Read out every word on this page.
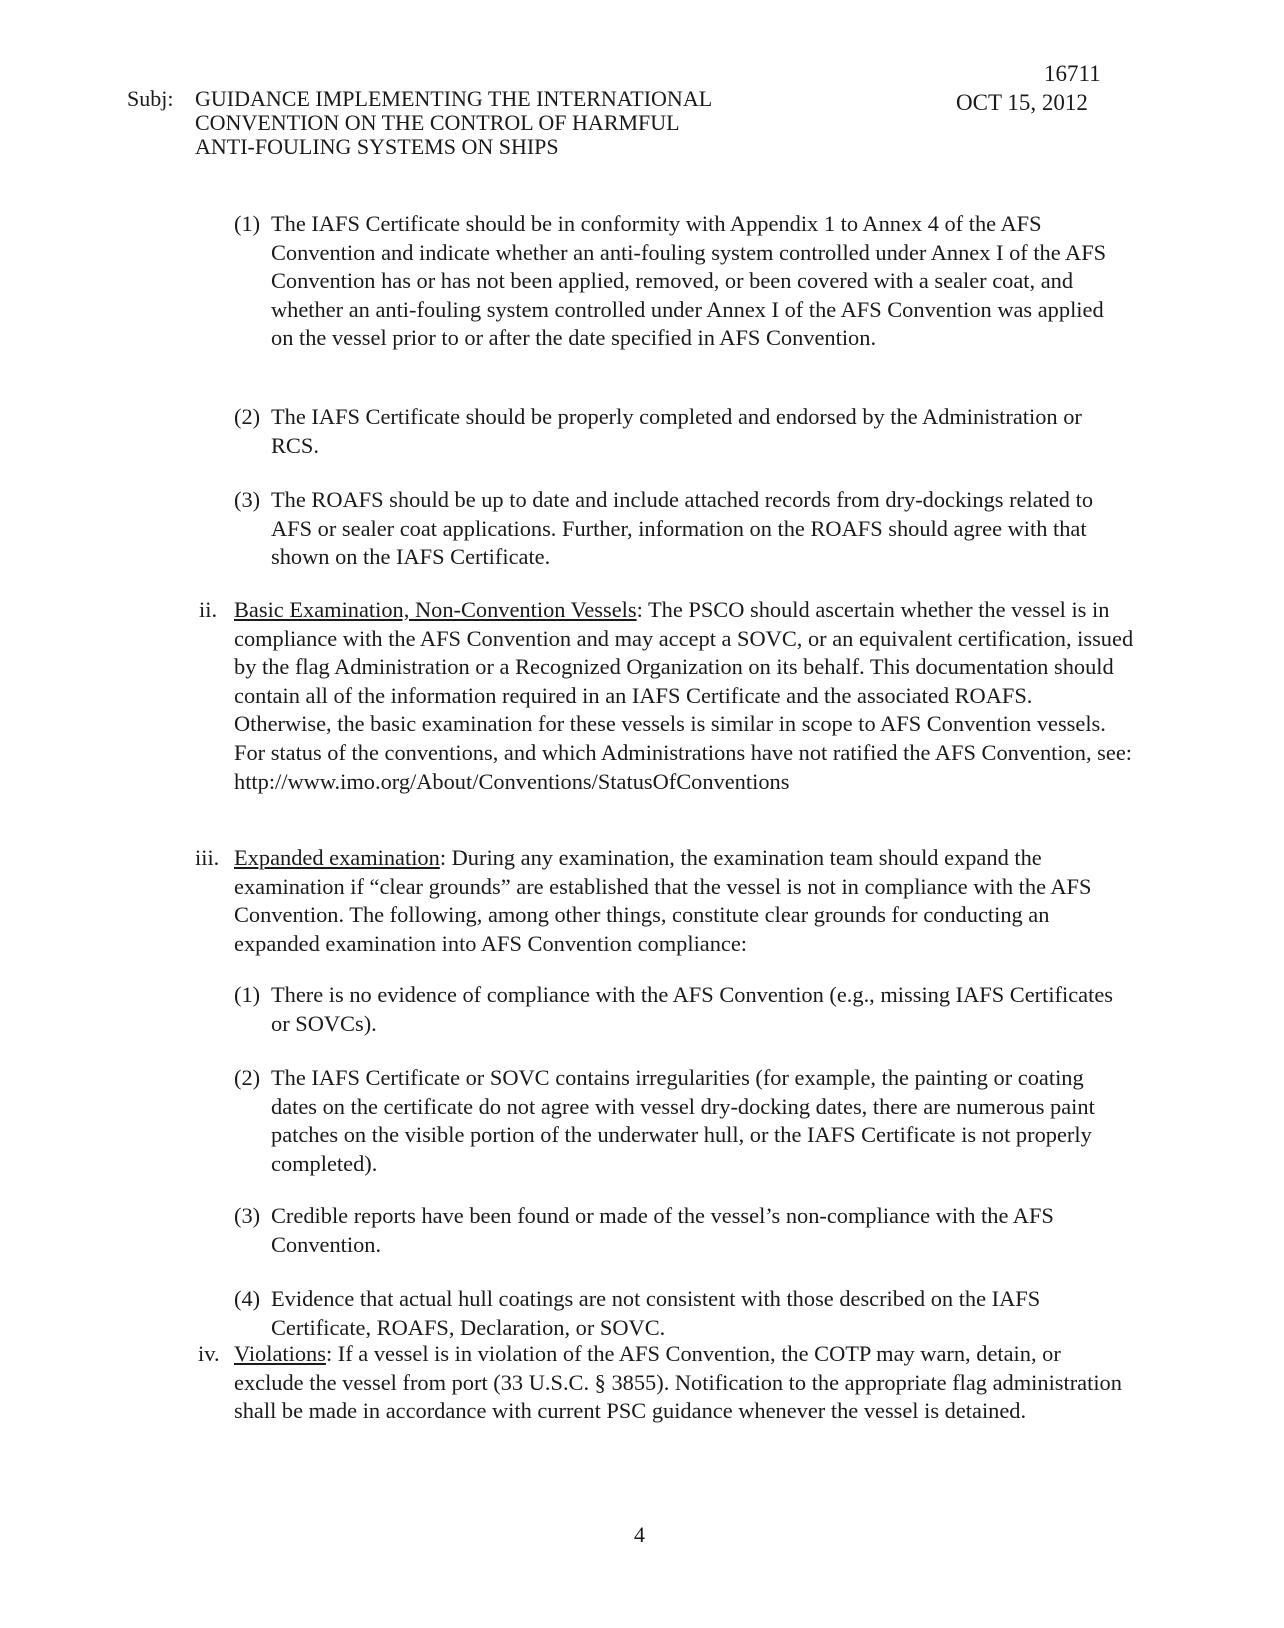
16711
OCT 15, 2012
Subj: GUIDANCE IMPLEMENTING THE INTERNATIONAL
CONVENTION ON THE CONTROL OF HARMFUL
ANTI-FOULING SYSTEMS ON SHIPS
(1) The IAFS Certificate should be in conformity with Appendix 1 to Annex 4 of the AFS Convention and indicate whether an anti-fouling system controlled under Annex I of the AFS Convention has or has not been applied, removed, or been covered with a sealer coat, and whether an anti-fouling system controlled under Annex I of the AFS Convention was applied on the vessel prior to or after the date specified in AFS Convention.
(2) The IAFS Certificate should be properly completed and endorsed by the Administration or RCS.
(3) The ROAFS should be up to date and include attached records from dry-dockings related to AFS or sealer coat applications. Further, information on the ROAFS should agree with that shown on the IAFS Certificate.
ii. Basic Examination, Non-Convention Vessels: The PSCO should ascertain whether the vessel is in compliance with the AFS Convention and may accept a SOVC, or an equivalent certification, issued by the flag Administration or a Recognized Organization on its behalf. This documentation should contain all of the information required in an IAFS Certificate and the associated ROAFS. Otherwise, the basic examination for these vessels is similar in scope to AFS Convention vessels. For status of the conventions, and which Administrations have not ratified the AFS Convention, see:
http://www.imo.org/About/Conventions/StatusOfConventions
iii. Expanded examination: During any examination, the examination team should expand the examination if “clear grounds” are established that the vessel is not in compliance with the AFS Convention. The following, among other things, constitute clear grounds for conducting an expanded examination into AFS Convention compliance:
(1) There is no evidence of compliance with the AFS Convention (e.g., missing IAFS Certificates or SOVCs).
(2) The IAFS Certificate or SOVC contains irregularities (for example, the painting or coating dates on the certificate do not agree with vessel dry-docking dates, there are numerous paint patches on the visible portion of the underwater hull, or the IAFS Certificate is not properly completed).
(3) Credible reports have been found or made of the vessel’s non-compliance with the AFS Convention.
(4) Evidence that actual hull coatings are not consistent with those described on the IAFS Certificate, ROAFS, Declaration, or SOVC.
iv. Violations: If a vessel is in violation of the AFS Convention, the COTP may warn, detain, or exclude the vessel from port (33 U.S.C. § 3855). Notification to the appropriate flag administration shall be made in accordance with current PSC guidance whenever the vessel is detained.
4
